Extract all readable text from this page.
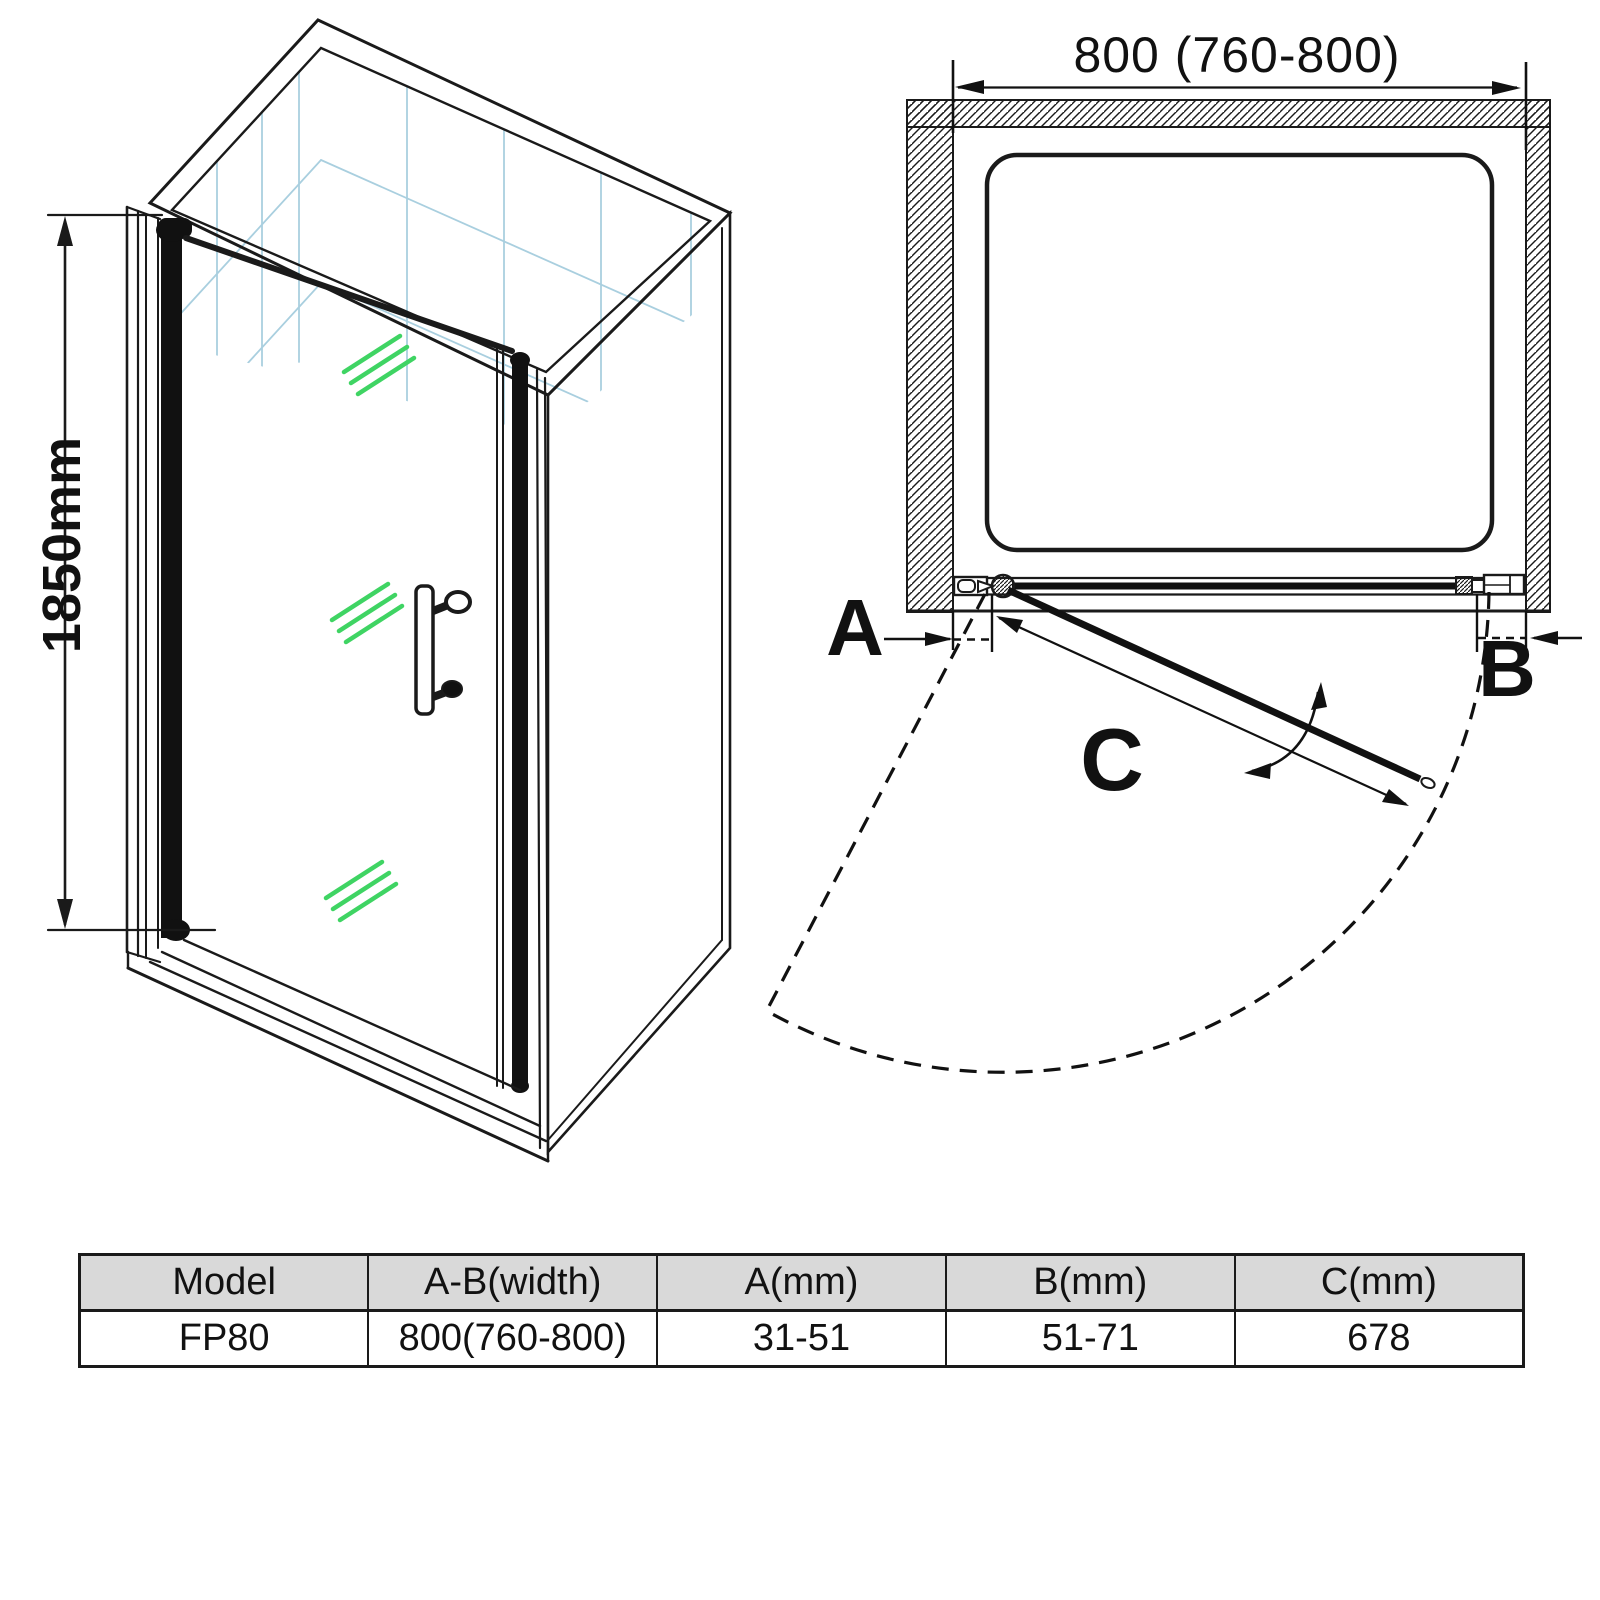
1850mm
C
A	B
800 (760-800)
Model	A-B(width)	A(mm)	B(mm)	C(mm)
FP80	800(760-800)	31-51	51-71	678
